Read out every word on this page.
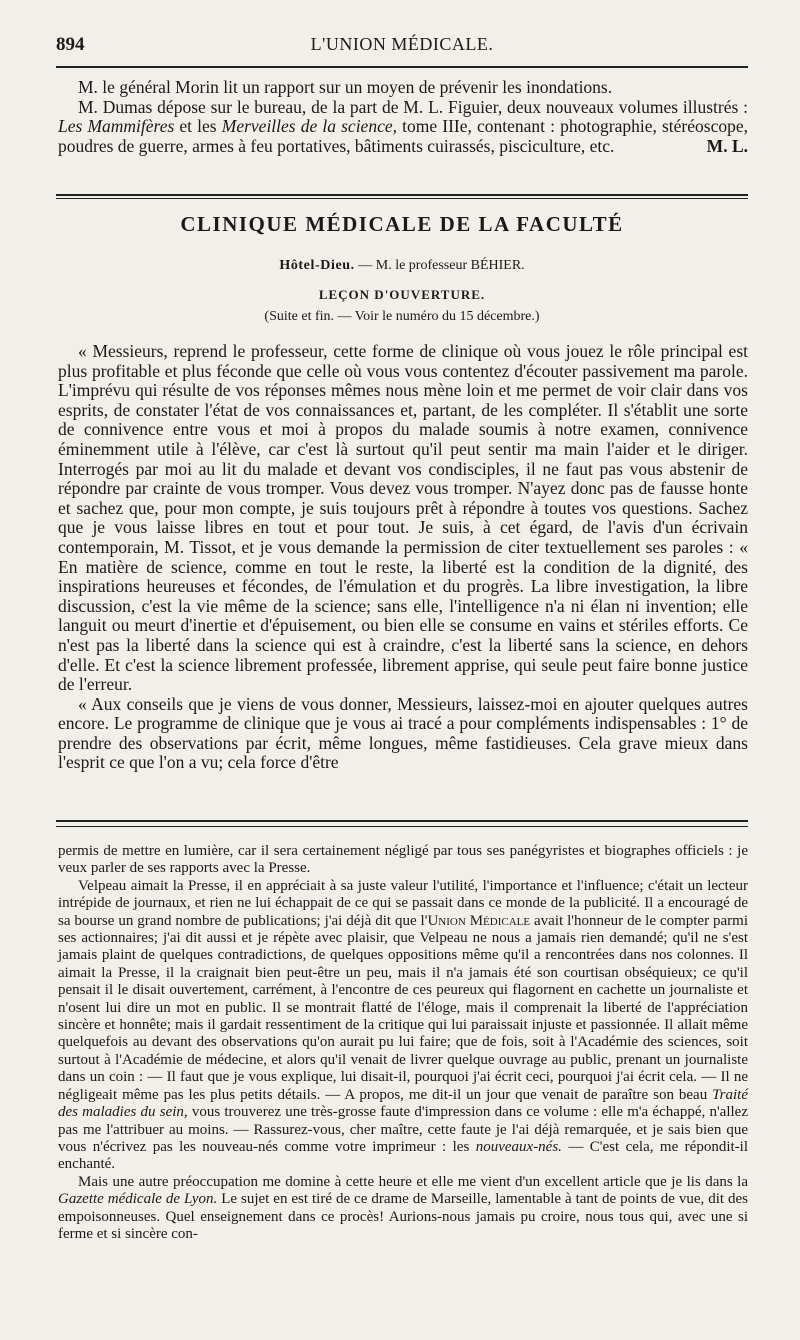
894	L'UNION MÉDICALE.

M. le général Morin lit un rapport sur un moyen de prévenir les inondations.

M. Dumas dépose sur le bureau, de la part de M. L. Figuier, deux nouveaux volumes illustrés : Les Mammifères et les Merveilles de la science, tome IIIe, contenant : photographie, stéréoscope, poudres de guerre, armes à feu portatives, bâtiments cuirassés, pisciculture, etc.	M. L.

CLINIQUE MÉDICALE DE LA FACULTÉ
Hôtel-Dieu. — M. le professeur BÉHIER.
LEÇON D'OUVERTURE.
(Suite et fin. — Voir le numéro du 15 décembre.)

« Messieurs, reprend le professeur, cette forme de clinique où vous jouez le rôle principal est plus profitable et plus féconde que celle où vous vous contentez d'écouter passivement ma parole. L'imprévu qui résulte de vos réponses mêmes nous mène loin et me permet de voir clair dans vos esprits, de constater l'état de vos connaissances et, partant, de les compléter. Il s'établit une sorte de connivence entre vous et moi à propos du malade soumis à notre examen, connivence éminemment utile à l'élève, car c'est là surtout qu'il peut sentir ma main l'aider et le diriger. Interrogés par moi au lit du malade et devant vos condisciples, il ne faut pas vous abstenir de répondre par crainte de vous tromper. Vous devez vous tromper. N'ayez donc pas de fausse honte et sachez que, pour mon compte, je suis toujours prêt à répondre à toutes vos questions. Sachez que je vous laisse libres en tout et pour tout. Je suis, à cet égard, de l'avis d'un écrivain contemporain, M. Tissot, et je vous demande la permission de citer textuellement ses paroles : « En matière de science, comme en tout le reste, la liberté est la condition de la dignité, des inspirations heureuses et fécondes, de l'émulation et du progrès. La libre investigation, la libre discussion, c'est la vie même de la science; sans elle, l'intelligence n'a ni élan ni invention; elle languit ou meurt d'inertie et d'épuisement, ou bien elle se consume en vains et stériles efforts. Ce n'est pas la liberté dans la science qui est à craindre, c'est la liberté sans la science, en dehors d'elle. Et c'est la science librement professée, librement apprise, qui seule peut faire bonne justice de l'erreur.

« Aux conseils que je viens de vous donner, Messieurs, laissez-moi en ajouter quelques autres encore. Le programme de clinique que je vous ai tracé a pour compléments indispensables : 1° de prendre des observations par écrit, même longues, même fastidieuses. Cela grave mieux dans l'esprit ce que l'on a vu; cela force d'être

permis de mettre en lumière, car il sera certainement négligé par tous ses panégyristes et biographes officiels : je veux parler de ses rapports avec la Presse.

Velpeau aimait la Presse, il en appréciait à sa juste valeur l'utilité, l'importance et l'influence; c'était un lecteur intrépide de journaux, et rien ne lui échappait de ce qui se passait dans ce monde de la publicité. Il a encouragé de sa bourse un grand nombre de publications; j'ai déjà dit que l'Union Médicale avait l'honneur de le compter parmi ses actionnaires; j'ai dit aussi et je répète avec plaisir, que Velpeau ne nous a jamais rien demandé; qu'il ne s'est jamais plaint de quelques contradictions, de quelques oppositions même qu'il a rencontrées dans nos colonnes. Il aimait la Presse, il la craignait bien peut-être un peu, mais il n'a jamais été son courtisan obséquieux; ce qu'il pensait il le disait ouvertement, carrément, à l'encontre de ces peureux qui flagornent en cachette un journaliste et n'osent lui dire un mot en public. Il se montrait flatté de l'éloge, mais il comprenait la liberté de l'appréciation sincère et honnête; mais il gardait ressentiment de la critique qui lui paraissait injuste et passionnée. Il allait même quelquefois au devant des observations qu'on aurait pu lui faire; que de fois, soit à l'Académie des sciences, soit surtout à l'Académie de médecine, et alors qu'il venait de livrer quelque ouvrage au public, prenant un journaliste dans un coin : — Il faut que je vous explique, lui disait-il, pourquoi j'ai écrit ceci, pourquoi j'ai écrit cela. — Il ne négligeait même pas les plus petits détails. — A propos, me dit-il un jour que venait de paraître son beau Traité des maladies du sein, vous trouverez une très-grosse faute d'impression dans ce volume : elle m'a échappé, n'allez pas me l'attribuer au moins. — Rassurez-vous, cher maître, cette faute je l'ai déjà remarquée, et je sais bien que vous n'écrivez pas les nouveau-nés comme votre imprimeur : les nouveaux-nés. — C'est cela, me répondit-il enchanté.

Mais une autre préoccupation me domine à cette heure et elle me vient d'un excellent article que je lis dans la Gazette médicale de Lyon. Le sujet en est tiré de ce drame de Marseille, lamentable à tant de points de vue, dit des empoisonneuses. Quel enseignement dans ce procès! Aurions-nous jamais pu croire, nous tous qui, avec une si ferme et si sincère con-
